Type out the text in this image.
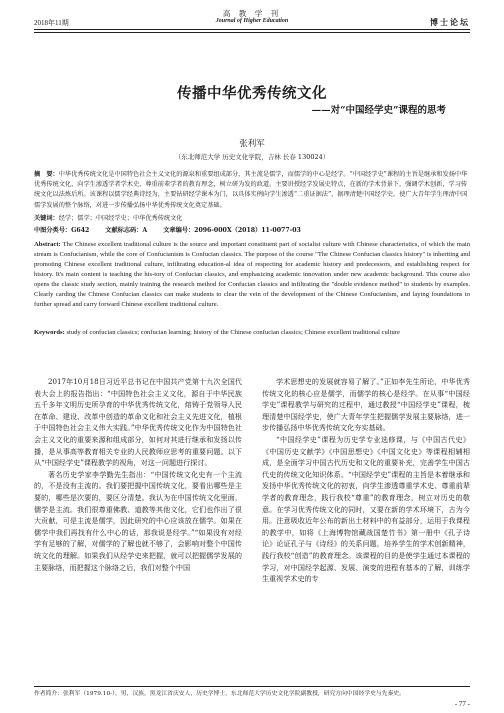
高 教 学 刊
Journal of Higher Education
2018年11期	博士论坛
传播中华优秀传统文化
——对“中国经学史”课程的思考
张利军
（东北师范大学 历史文化学院，吉林 长春 130024）
摘　要：中华优秀传统文化是中国特色社会主义文化的源泉和重要组成部分，其主流是儒学，而儒学的中心是经学。“中国经学史”课程的主旨是继承和发扬中华优秀传统文化，向学生渗透学者学术史、尊重前辈学者的教育理念，树立研为发的政道。主要讲授经学发展史特点，在新的学术背景下，强调学术创新，学习传统文化以法炼后所。该课程以儒学经典诗经为，主要钻研经学课本为门，以具体实例向学生渗透“二重证据法”、据理清楚中国经学史，使广大青年学生理清中国儒学发展的整个脉络，对进一步传播弘扬中华优秀传统文化奠定基础。
关键词：经学；儒学；中国经学史；中华优秀传统文化
中图分类号：G642	文献标志码：A	文章编号：2096-000X（2018）11-0077-03
Abstract: The Chinese excellent traditional culture is the source and important constituent part of socialist culture with Chinese characteristics, of which the main stream is Confucianism, while the core of Confucianism is Confucian classics. The purpose of the course "The Chinese Confucian classics history" is inheriting and promoting Chinese excellent traditional culture, infiltrating education-al idea of respecting for academic history and predecessors, and establishing respect for history. It's main content is teaching the his-tory of Confucian classics, and emphasizing academic innovation under new academic background. This course also opens the classic study section, mainly training the research method for Confucian classics and infiltrating the "double evidence method" to students by examples. Clearly carding the Chinese Confucian classics can make students to clear the vein of the development of the Chinese Confucianism, and laying foundations to further spread and carry forward Chinese excellent traditional culture.
Keywords: study of confucian classics; confucian learning; history of the Chinese confucian classics; Chinese excellent traditional culture

2017年10月18日习近平总书记在中国共产党第十九次全国代表大会上的报告指出：“中国特色社会主义文化，源自于中华民族五千多年文明历史所孕育的中华优秀传统文化，熔铸于党领导人民在革命、建设、改革中创造的革命文化和社会主义先进文化，植根于中国特色社会主义伟大实践。”中华优秀传统文化作为中国特色社会主义文化的重要来源和组成部分，如何对其进行继承和发扬以传播，是从事高等教育相关专业的人民教师应思考的重要问题。以下从“中国经学史”课程教学的视角，对这一问题进行探讨。

著名历史学家李学勤先生指出：“中国传统文化史有一个主流的，不是没有主流的。我们要把握中国传统文化，要看出哪些是主要的，哪些是次要的，要区分清楚。我认为在中国传统文化里面，儒学是主流。我们很尊重佛教、道教等其他文化，它们也作出了很大贡献，可是主流是儒学，因此研究的中心应该放在儒学。如果在儒学中我们再找有什么中心的话，那我说是经学。”“如果没有对经学有足够的了解，对儒学的了解也就不够了，会影响对整个中国传统文化的理解。如果我们从经学史来把握，就可以把握儒学发展的主要脉络，而把握这个脉络之后，我们对整个中国

学术思想史的发展就容易了解了。”正如李先生所论，中华优秀传统文化的核心应是儒学，而儒学的核心是经学。在从事“中国经学史”课程教学与研究的过程中，通过教授“中国经学史”课程，梳理清楚中国经学史，使广大青年学生把握儒学发展主要脉络，进一步传播弘扬中华优秀传统文化夯实基础。

“中国经学史”课程为历史学专业选修课，与《中国古代史》《中国历史文献学》《中国思想史》《中国文化史》等课程相辅相成，是全面学习中国古代历史和文化的重要补充，完善学生中国古代史的传统文化知识体系。“中国经学史”课程的主旨是本着继承和发扬中华优秀传统文化的初衷，向学生渗透尊重学术史、尊重前辈学者的教育理念，践行我校“尊重”的教育理念，树立对历史的敬意。在学习优秀传统文化的同时，又要在新的学术环境下，古为今用。注意吸收近年公布的新出土材料中的有益部分，运用于我课程的教学中，如将《上海博物馆藏战国楚竹书》第一册中《孔子诗论》论证孔子与《诗经》的关系问题，培养学生的学术创新精神，践行我校“创造”的教育理念。该课程的目的是使学生通过本课程的学习，对中国经学起源、发展、演变的进程有基本的了解，训练学生重视学术史的专

作者简介：张利军（1979.10-），男，汉族，黑龙江省庆安人，历史学博士，东北师范大学历史文化学院副教授，研究方向中国经学史与先秦史。
- 77 -
